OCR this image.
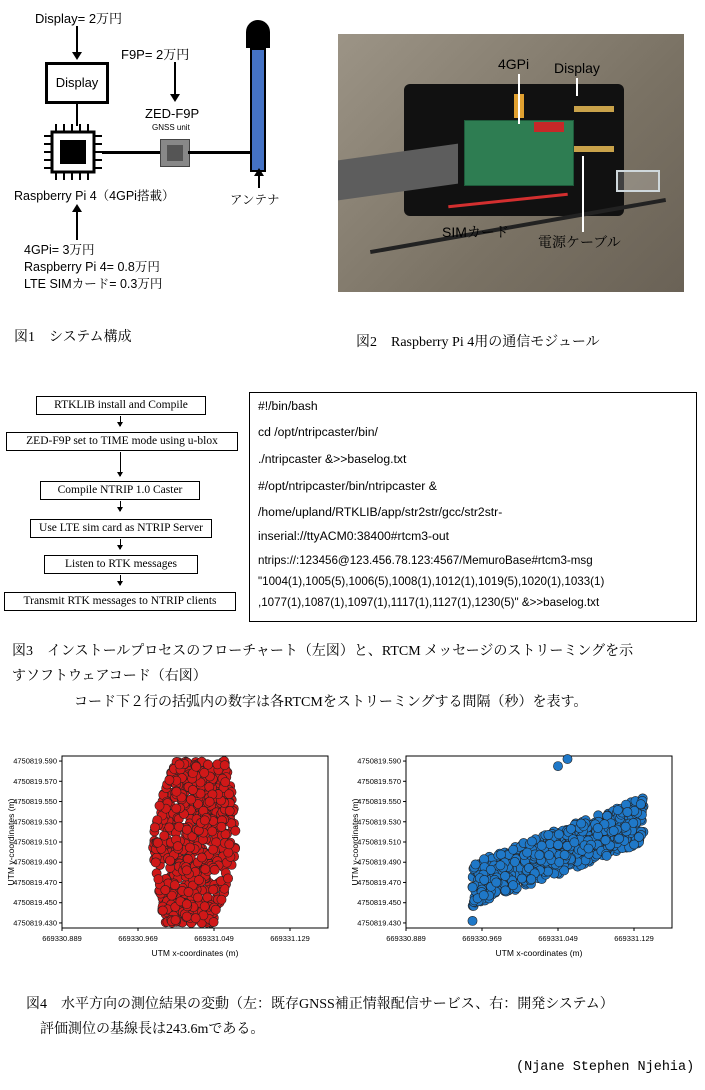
Display= 2万円
Display
F9P= 2万円
ZED-F9P
GNSS unit
アンテナ
Raspberry Pi 4（4GPi搭載）
4GPi= 3万円
Raspberry Pi 4= 0.8万円
LTE SIMカード= 0.3万円
図1　システム構成
4GPi Display
SIMカード
電源ケーブル
図2　Raspberry Pi 4用の通信モジュール
RTKLIB install and Compile
ZED-F9P set to TIME mode using u-blox
Compile NTRIP 1.0 Caster
Use LTE sim card as NTRIP Server
Listen to RTK messages
Transmit RTK messages to NTRIP clients
#!/bin/bash
cd /opt/ntripcaster/bin/
./ntripcaster &>>baselog.txt
#/opt/ntripcaster/bin/ntripcaster &
/home/upland/RTKLIB/app/str2str/gcc/str2str-
inserial://ttyACM0:38400#rtcm3-out
ntrips://:123456@123.456.78.123:4567/MemuroBase#rtcm3-msg
"1004(1),1005(5),1006(5),1008(1),1012(1),1019(5),1020(1),1033(1)
,1077(1),1087(1),1097(1),1117(1),1127(1),1230(5)" &>>baselog.txt
図3　インストールプロセスのフローチャート（左図）と、RTCM メッセージのストリーミングを示
すソフトウェアコード（右図）
コード下２行の括弧内の数字は各RTCMをストリーミングする間隔（秒）を表す。
669330.889	669330.969	669331.049	669331.129
4750819.590
4750819.570
4750819.550
4750819.530
4750819.510
4750819.490
4750819.470
4750819.450
4750819.430
UTM x-coordinates (m)
UTM y-coordinates (m)
669330.889	669330.969	669331.049	669331.129
4750819.590
4750819.570
4750819.550
4750819.530
4750819.510
4750819.490
4750819.470
4750819.450
4750819.430
UTM x-coordinates (m)
UTM y-coordinates (m)
図4　水平方向の測位結果の変動（左：既存GNSS補正情報配信サービス、右：開発システム）
評価測位の基線長は243.6mである。
(Njane Stephen Njehia)
